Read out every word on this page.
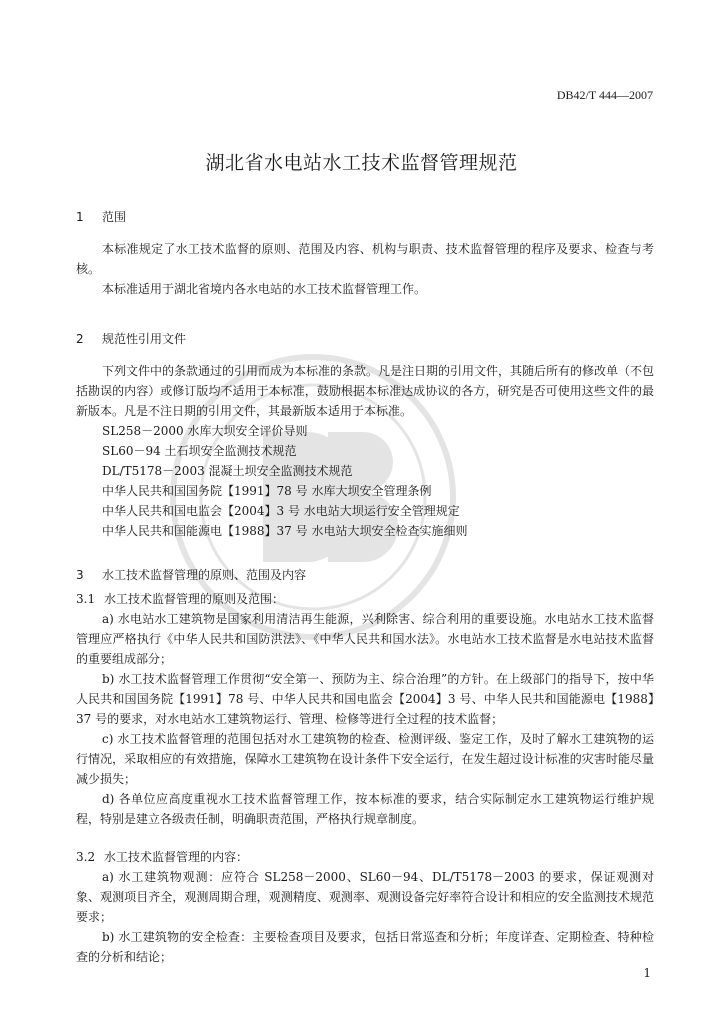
DB42/T 444—2007
湖北省水电站水工技术监督管理规范

1 范围

本标准规定了水工技术监督的原则、范围及内容、机构与职责、技术监督管理的程序及要求、检查与考核。

本标准适用于湖北省境内各水电站的水工技术监督管理工作。

2 规范性引用文件

下列文件中的条款通过的引用而成为本标准的条款。凡是注日期的引用文件，其随后所有的修改单（不包括勘误的内容）或修订版均不适用于本标准，鼓励根据本标准达成协议的各方，研究是否可使用这些文件的最新版本。凡是不注日期的引用文件，其最新版本适用于本标准。

SL258－2000 水库大坝安全评价导则

SL60－94 土石坝安全监测技术规范

DL/T5178－2003 混凝土坝安全监测技术规范

中华人民共和国国务院【1991】78 号 水库大坝安全管理条例

中华人民共和国电监会【2004】3 号 水电站大坝运行安全管理规定

中华人民共和国能源电【1988】37 号 水电站大坝安全检查实施细则

3 水工技术监督管理的原则、范围及内容

3.1 水工技术监督管理的原则及范围：

a) 水电站水工建筑物是国家利用清洁再生能源，兴利除害、综合利用的重要设施。水电站水工技术监督管理应严格执行《中华人民共和国防洪法》、《中华人民共和国水法》。水电站水工技术监督是水电站技术监督的重要组成部分；

b) 水工技术监督管理工作贯彻“安全第一、预防为主、综合治理”的方针。在上级部门的指导下，按中华人民共和国国务院【1991】78 号、中华人民共和国电监会【2004】3 号、中华人民共和国能源电【1988】37 号的要求，对水电站水工建筑物运行、管理、检修等进行全过程的技术监督；

c) 水工技术监督管理的范围包括对水工建筑物的检查、检测评级、鉴定工作，及时了解水工建筑物的运行情况，采取相应的有效措施，保障水工建筑物在设计条件下安全运行，在发生超过设计标准的灾害时能尽量减少损失；

d) 各单位应高度重视水工技术监督管理工作，按本标准的要求，结合实际制定水工建筑物运行维护规程，特别是建立各级责任制，明确职责范围，严格执行规章制度。

3.2 水工技术监督管理的内容：

a) 水工建筑物观测：应符合 SL258－2000、SL60－94、DL/T5178－2003 的要求，保证观测对象、观测项目齐全，观测周期合理，观测精度、观测率、观测设备完好率符合设计和相应的安全监测技术规范要求；

b) 水工建筑物的安全检查：主要检查项目及要求，包括日常巡查和分析；年度详查、定期检查、特种检查的分析和结论；

1
